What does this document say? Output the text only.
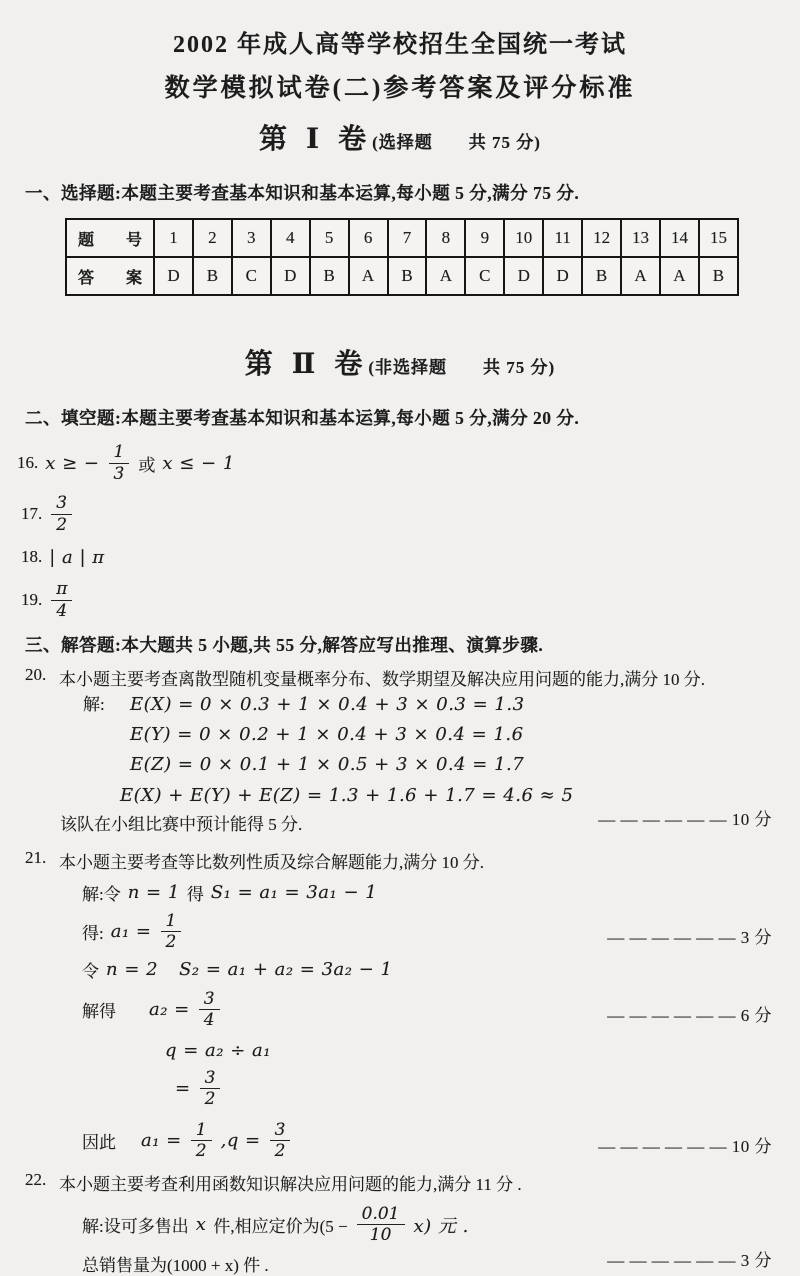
2002 年成人高等学校招生全国统一考试
数学模拟试卷(二)参考答案及评分标准
第 Ⅰ 卷(选择题　　共 75 分)
一、选择题:本题主要考查基本知识和基本运算,每小题 5 分,满分 75 分.
题　　号	1	2	3	4	5	6	7	8	9	10	11	12	13	14	15
答　　案	D	B	C	D	B	A	B	A	C	D	D	B	A	A	B
第 Ⅱ 卷(非选择题　　共 75 分)
二、填空题:本题主要考查基本知识和基本运算,每小题 5 分,满分 20 分.
16. x ≥ − $\frac{1}{3}$ 或 x ≤ − 1
17. $\frac{3}{2}$
18. | a | π
19. $\frac{\pi}{4}$
三、解答题:本大题共 5 小题,共 55 分,解答应写出推理、演算步骤.
20. 本小题主要考查离散型随机变量概率分布、数学期望及解决应用问题的能力,满分 10 分.
解:	E(X) = 0 × 0.3 + 1 × 0.4 + 3 × 0.3 = 1.3
E(Y) = 0 × 0.2 + 1 × 0.4 + 3 × 0.4 = 1.6
E(Z) = 0 × 0.1 + 1 × 0.5 + 3 × 0.4 = 1.7
E(X) + E(Y) + E(Z) = 1.3 + 1.6 + 1.7 = 4.6 ≈ 5
该队在小组比赛中预计能得 5 分.	— — — — — — 10 分
21. 本小题主要考查等比数列性质及综合解题能力,满分 10 分.
解:令 n = 1 得 S₁ = a₁ = 3a₁ − 1
得: $a_1 = \frac{1}{2}$	— — — — — — 3 分
令 n = 2 S₂ = a₁ + a₂ = 3a₂ − 1
解得	$a_2 = \frac{3}{4}$	— — — — — — 6 分
q = a₂ ÷ a₁
= $\frac{3}{2}$
因此	$a_1 = \frac{1}{2} ,q = \frac{3}{2}$	— — — — — — 10 分
22. 本小题主要考查利用函数知识解决应用问题的能力,满分 11 分 .
解:设可多售出 x 件,相应定价为$(5 - \frac{0.01}{10} x)$ 元 .
总销售量为(1000 + x) 件 .	— — — — — — 3 分
